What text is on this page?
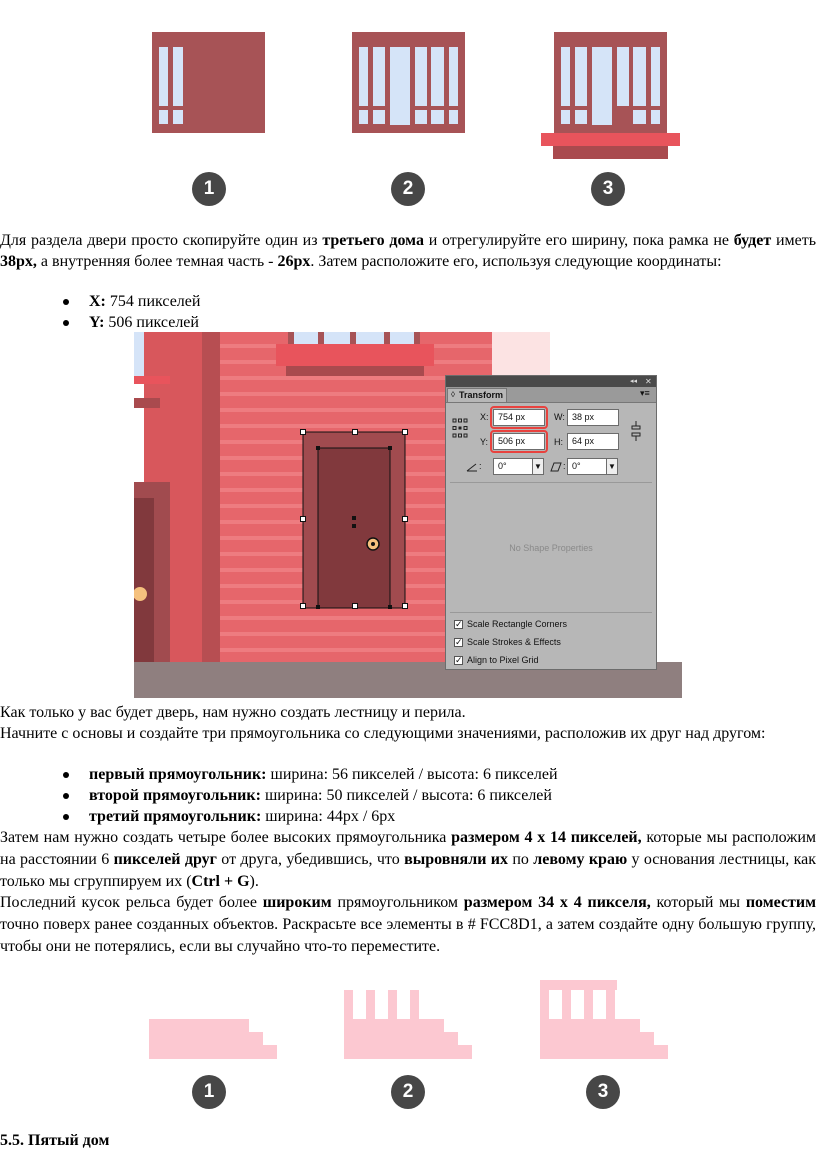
1	2	3
Для раздела двери просто скопируйте один из третьего дома и отрегулируйте его ширину, пока рамка не будет иметь 38px, а внутренняя более темная часть - 26px. Затем расположите его, используя следующие координаты:
X: 754 пикселей
Y: 506 пикселей
◂◂ ✕
◊ Transform	▾≡
X:	754 px	W: 38 px
Y:	506 px	H:	64 px
:	0°	▼ : 0°	▼
No Shape Properties
✓ Scale Rectangle Corners
✓ Scale Strokes & Effects
✓ Align to Pixel Grid
Как только у вас будет дверь, нам нужно создать лестницу и перила.
Начните с основы и создайте три прямоугольника со следующими значениями, расположив их друг над другом:
первый прямоугольник: ширина: 56 пикселей / высота: 6 пикселей
второй прямоугольник: ширина: 50 пикселей / высота: 6 пикселей
третий прямоугольник: ширина: 44px / 6px
Затем нам нужно создать четыре более высоких прямоугольника размером 4 x 14 пикселей, которые мы расположим на расстоянии 6 пикселей друг от друга, убедившись, что выровняли их по левому краю у основания лестницы, как только мы сгруппируем их (Ctrl + G).
Последний кусок рельса будет более широким прямоугольником размером 34 x 4 пикселя, который мы поместим точно поверх ранее созданных объектов. Раскрасьте все элементы в # FCC8D1, а затем создайте одну большую группу, чтобы они не потерялись, если вы случайно что-то переместите.
1	2	3
5.5. Пятый дом
